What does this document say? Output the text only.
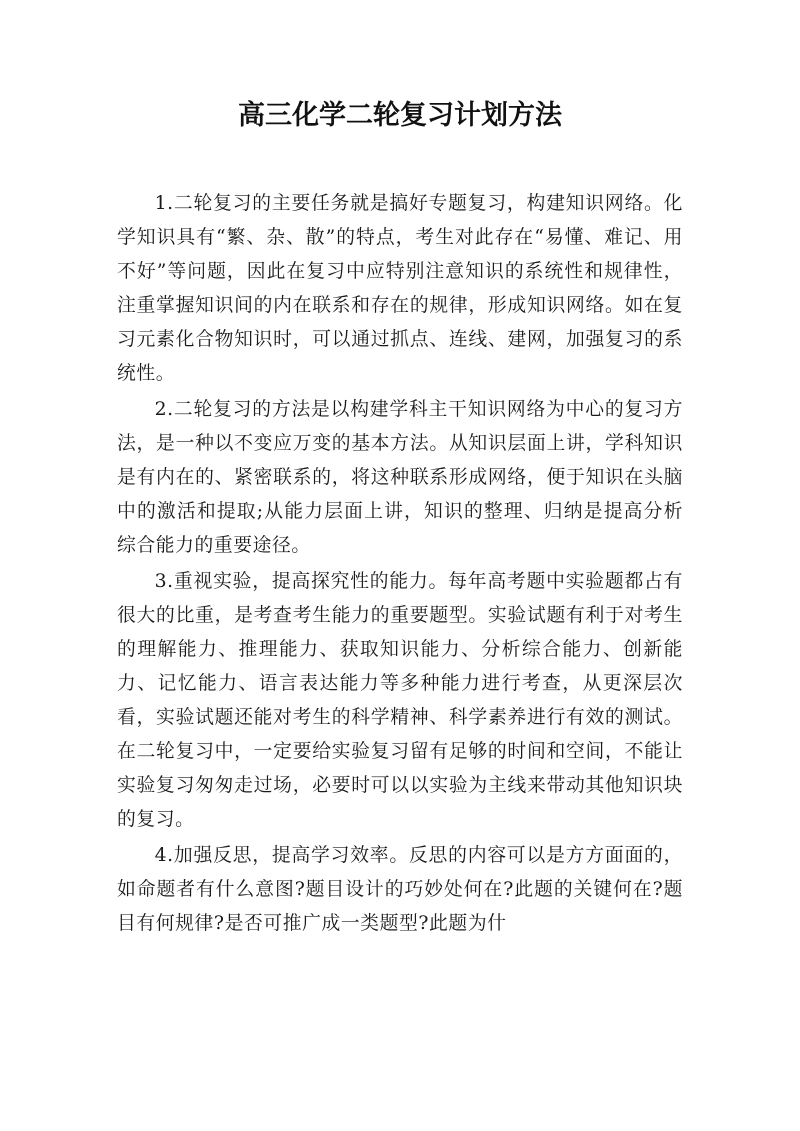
高三化学二轮复习计划方法

1.二轮复习的主要任务就是搞好专题复习，构建知识网络。化学知识具有“繁、杂、散”的特点，考生对此存在“易懂、难记、用不好”等问题，因此在复习中应特别注意知识的系统性和规律性，注重掌握知识间的内在联系和存在的规律，形成知识网络。如在复习元素化合物知识时，可以通过抓点、连线、建网，加强复习的系统性。

2.二轮复习的方法是以构建学科主干知识网络为中心的复习方法，是一种以不变应万变的基本方法。从知识层面上讲，学科知识是有内在的、紧密联系的，将这种联系形成网络，便于知识在头脑中的激活和提取;从能力层面上讲，知识的整理、归纳是提高分析综合能力的重要途径。

3.重视实验，提高探究性的能力。每年高考题中实验题都占有很大的比重，是考查考生能力的重要题型。实验试题有利于对考生的理解能力、推理能力、获取知识能力、分析综合能力、创新能力、记忆能力、语言表达能力等多种能力进行考查，从更深层次看，实验试题还能对考生的科学精神、科学素养进行有效的测试。在二轮复习中，一定要给实验复习留有足够的时间和空间，不能让实验复习匆匆走过场，必要时可以以实验为主线来带动其他知识块的复习。

4.加强反思，提高学习效率。反思的内容可以是方方面面的，如命题者有什么意图?题目设计的巧妙处何在?此题的关键何在?题目有何规律?是否可推广成一类题型?此题为什
